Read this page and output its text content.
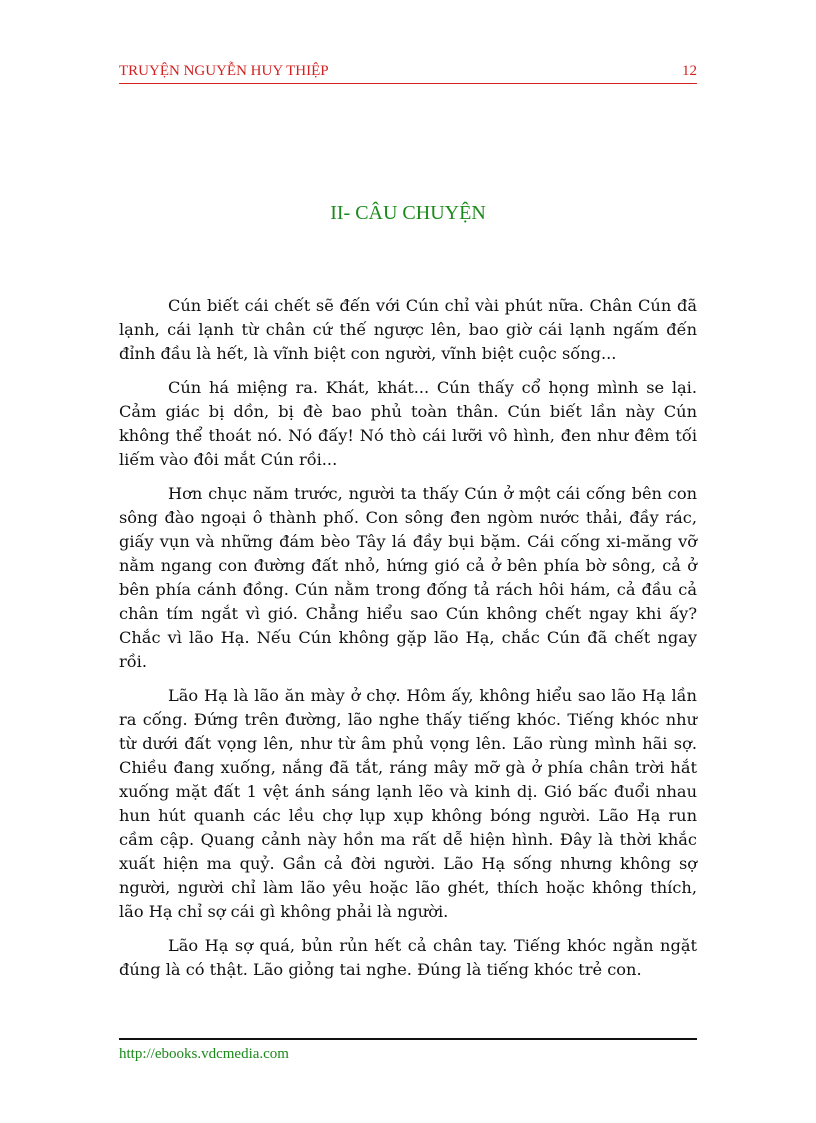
TRUYỆN NGUYỄN HUY THIỆP	12
II- CÂU CHUYỆN

Cún biết cái chết sẽ đến với Cún chỉ vài phút nữa. Chân Cún đã lạnh, cái lạnh từ chân cứ thế ngược lên, bao giờ cái lạnh ngấm đến đỉnh đầu là hết, là vĩnh biệt con người, vĩnh biệt cuộc sống...

Cún há miệng ra. Khát, khát... Cún thấy cổ họng mình se lại. Cảm giác bị dồn, bị đè bao phủ toàn thân. Cún biết lần này Cún không thể thoát nó. Nó đấy! Nó thò cái lưỡi vô hình, đen như đêm tối liếm vào đôi mắt Cún rồi...

Hơn chục năm trước, người ta thấy Cún ở một cái cống bên con sông đào ngoại ô thành phố. Con sông đen ngòm nước thải, đầy rác, giấy vụn và những đám bèo Tây lá đầy bụi bặm. Cái cống xi-măng vỡ nằm ngang con đường đất nhỏ, hứng gió cả ở bên phía bờ sông, cả ở bên phía cánh đồng. Cún nằm trong đống tả rách hôi hám, cả đầu cả chân tím ngắt vì gió. Chẳng hiểu sao Cún không chết ngay khi ấy? Chắc vì lão Hạ. Nếu Cún không gặp lão Hạ, chắc Cún đã chết ngay rồi.

Lão Hạ là lão ăn mày ở chợ. Hôm ấy, không hiểu sao lão Hạ lần ra cống. Đứng trên đường, lão nghe thấy tiếng khóc. Tiếng khóc như từ dưới đất vọng lên, như từ âm phủ vọng lên. Lão rùng mình hãi sợ. Chiều đang xuống, nắng đã tắt, ráng mây mỡ gà ở phía chân trời hắt xuống mặt đất 1 vệt ánh sáng lạnh lẽo và kinh dị. Gió bấc đuổi nhau hun hút quanh các lều chợ lụp xụp không bóng người. Lão Hạ run cầm cập. Quang cảnh này hồn ma rất dễ hiện hình. Đây là thời khắc xuất hiện ma quỷ. Gần cả đời người. Lão Hạ sống nhưng không sợ người, người chỉ làm lão yêu hoặc lão ghét, thích hoặc không thích, lão Hạ chỉ sợ cái gì không phải là người.

Lão Hạ sợ quá, bủn rủn hết cả chân tay. Tiếng khóc ngằn ngặt đúng là có thật. Lão giỏng tai nghe. Đúng là tiếng khóc trẻ con.

http://ebooks.vdcmedia.com
